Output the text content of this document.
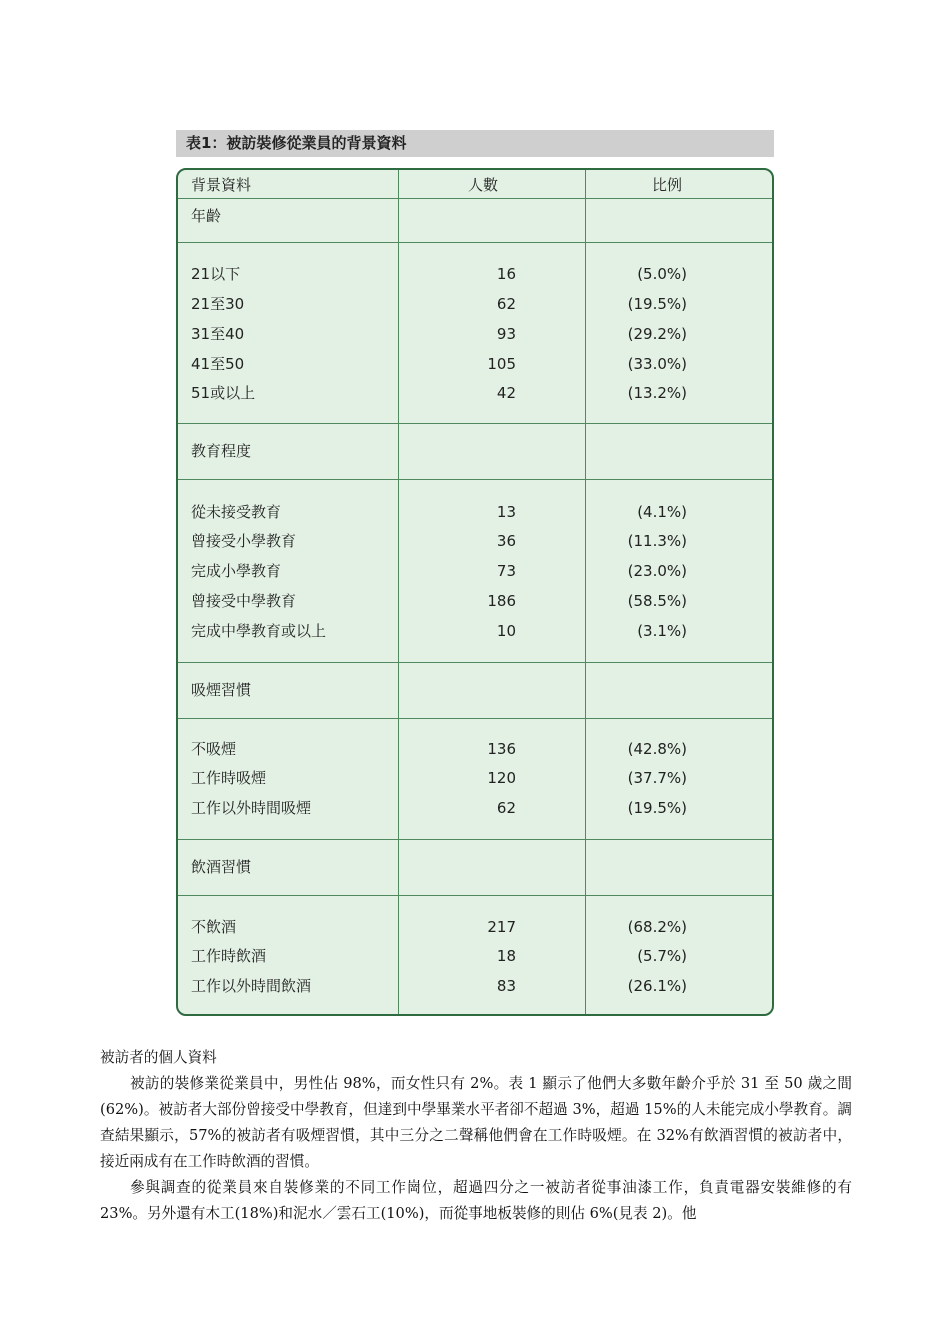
表1：被訪裝修從業員的背景資料
背景資料	人數	比例
年齡
21以下	16	(5.0%)
21至30	62	(19.5%)
31至40	93	(29.2%)
41至50	105	(33.0%)
51或以上	42	(13.2%)
教育程度
從未接受教育	13	(4.1%)
曾接受小學教育	36	(11.3%)
完成小學教育	73	(23.0%)
曾接受中學教育	186	(58.5%)
完成中學教育或以上	10	(3.1%)
吸煙習慣
不吸煙	136	(42.8%)
工作時吸煙	120	(37.7%)
工作以外時間吸煙	62	(19.5%)
飲酒習慣
不飲酒	217	(68.2%)
工作時飲酒	18	(5.7%)
工作以外時間飲酒	83	(26.1%)

被訪者的個人資料

被訪的裝修業從業員中，男性佔 98%，而女性只有 2%。表 1 顯示了他們大多數年齡介乎於 31 至 50 歲之間(62%)。被訪者大部份曾接受中學教育，但達到中學畢業水平者卻不超過 3%，超過 15%的人未能完成小學教育。調查結果顯示，57%的被訪者有吸煙習慣，其中三分之二聲稱他們會在工作時吸煙。在 32%有飲酒習慣的被訪者中，接近兩成有在工作時飲酒的習慣。

參與調查的從業員來自裝修業的不同工作崗位，超過四分之一被訪者從事油漆工作，負責電器安裝維修的有 23%。另外還有木工(18%)和泥水／雲石工(10%)，而從事地板裝修的則佔 6%(見表 2)。他
